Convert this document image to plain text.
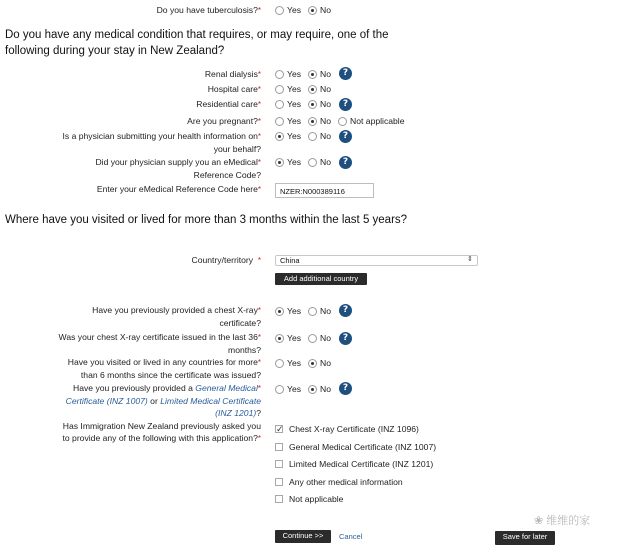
Do you have tuberculosis?*	Yes No
Do you have any medical condition that requires, or may require, one of the following during your stay in New Zealand?
Renal dialysis*	Yes No	?
Hospital care*	Yes No
Residential care*	Yes No	?
Are you pregnant?*	Yes No Not applicable
Is a physician submitting your health information on*
your behalf?
Yes No	?
Did your physician supply you an eMedical*
Reference Code?
Yes No	?
Enter your eMedical Reference Code here*	NZER:N000389116
Where have you visited or lived for more than 3 months within the last 5 years?
Country/territory *	China	⇕
Add additional country
Have you previously provided a chest X-ray*
certificate?
Yes No	?
Was your chest X-ray certificate issued in the last 36*
months?
Yes No	?
Have you visited or lived in any countries for more*
than 6 months since the certificate was issued?
Yes No
Have you previously provided a General Medical*
Certificate (INZ 1007) or Limited Medical Certificate
(INZ 1201)?
Yes No	?
Has Immigration New Zealand previously asked you
to provide any of the following with this application?*
✓
Chest X-ray Certificate (INZ 1096)
General Medical Certificate (INZ 1007)
Limited Medical Certificate (INZ 1201)
Any other medical information
Not applicable
❀ 维维的家
Continue >>	Cancel	Save for later
